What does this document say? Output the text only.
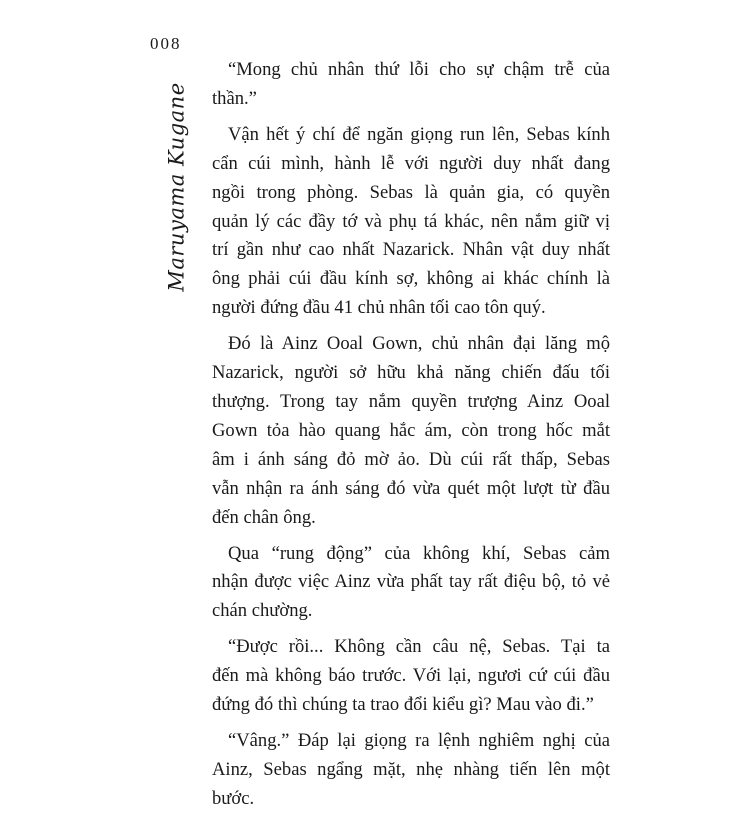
008
Maruyama Kugane

“Mong chủ nhân thứ lỗi cho sự chậm trễ của
thần.”

Vận hết ý chí để ngăn giọng run lên, Sebas kính
cẩn cúi mình, hành lễ với người duy nhất đang
ngồi trong phòng. Sebas là quản gia, có quyền
quản lý các đầy tớ và phụ tá khác, nên nắm giữ vị
trí gần như cao nhất Nazarick. Nhân vật duy nhất
ông phải cúi đầu kính sợ, không ai khác chính là
người đứng đầu 41 chủ nhân tối cao tôn quý.

Đó là Ainz Ooal Gown, chủ nhân đại lăng mộ
Nazarick, người sở hữu khả năng chiến đấu tối
thượng. Trong tay nắm quyền trượng Ainz Ooal
Gown tỏa hào quang hắc ám, còn trong hốc mắt
âm i ánh sáng đỏ mờ ảo. Dù cúi rất thấp, Sebas
vẫn nhận ra ánh sáng đó vừa quét một lượt từ đầu
đến chân ông.

Qua “rung động” của không khí, Sebas cảm
nhận được việc Ainz vừa phất tay rất điệu bộ, tỏ vẻ
chán chường.

“Được rồi... Không cần câu nệ, Sebas. Tại ta
đến mà không báo trước. Với lại, ngươi cứ cúi đầu
đứng đó thì chúng ta trao đổi kiểu gì? Mau vào đi.”

“Vâng.” Đáp lại giọng ra lệnh nghiêm nghị của
Ainz, Sebas ngẩng mặt, nhẹ nhàng tiến lên một
bước.
